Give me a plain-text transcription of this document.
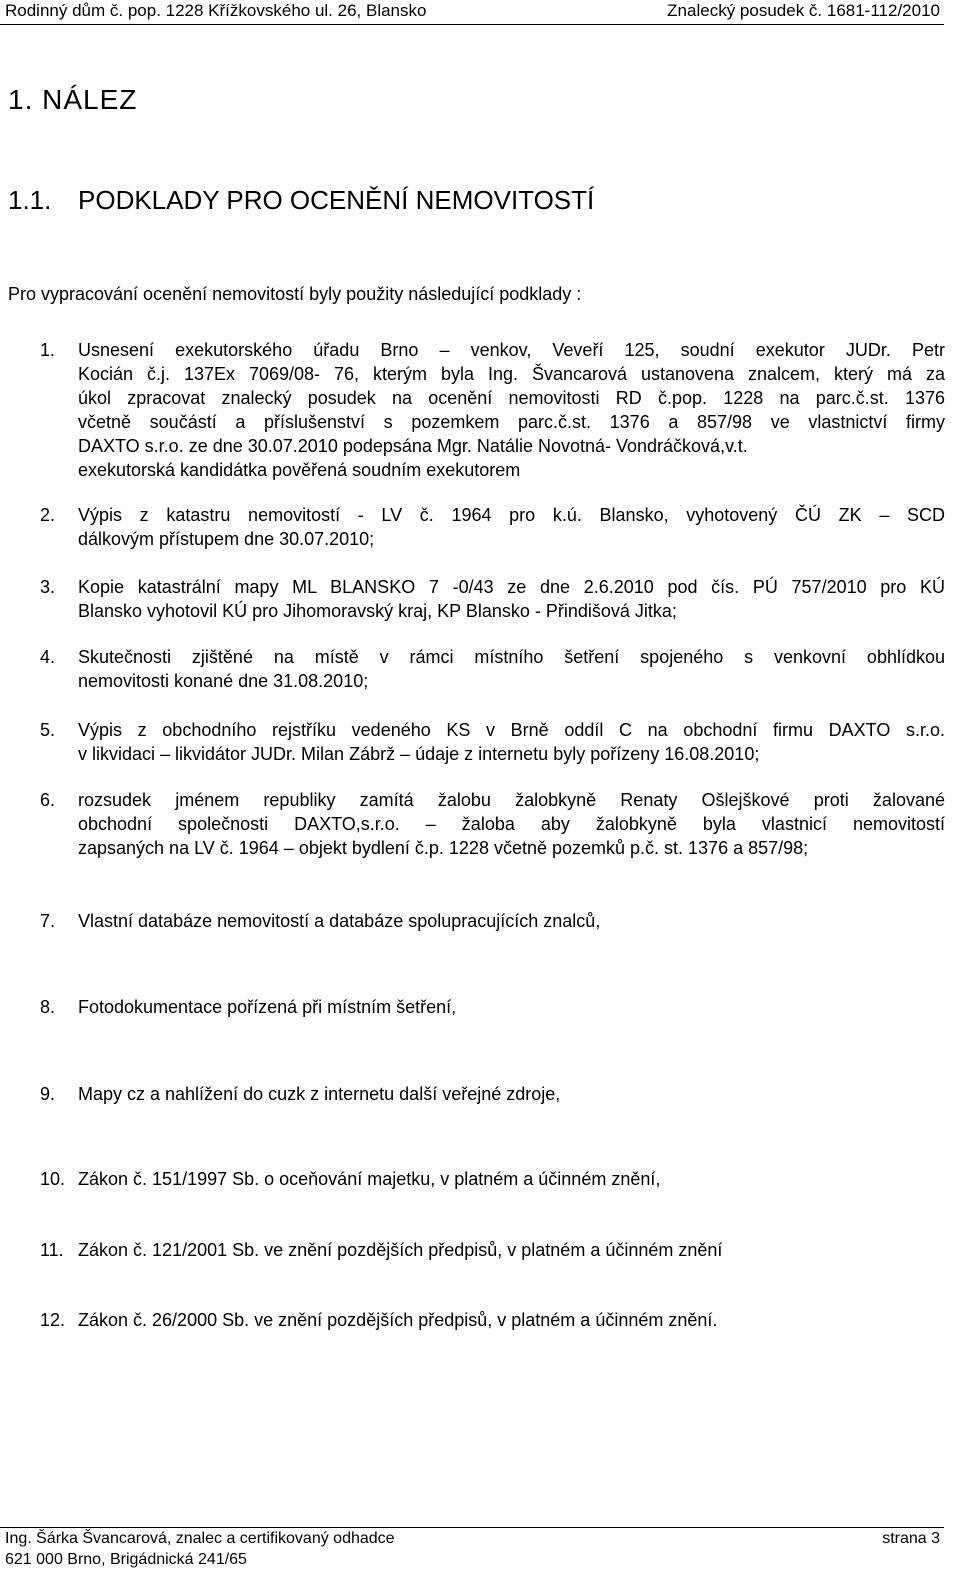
Rodinný dům č. pop. 1228 Křížkovského ul. 26, Blansko	Znalecký posudek č. 1681-112/2010
1. NÁLEZ
1.1. PODKLADY PRO OCENĚNÍ NEMOVITOSTÍ
Pro vypracování ocenění nemovitostí byly použity následující podklady :
1. Usnesení exekutorského úřadu Brno – venkov, Veveří 125, soudní exekutor JUDr. Petr
Kocián č.j. 137Ex 7069/08- 76, kterým byla Ing. Švancarová ustanovena znalcem, který má za
úkol zpracovat znalecký posudek na ocenění nemovitosti RD č.pop. 1228 na parc.č.st. 1376
včetně součástí a příslušenství s pozemkem parc.č.st. 1376 a 857/98 ve vlastnictví firmy
DAXTO s.r.o. ze dne 30.07.2010 podepsána Mgr. Natálie Novotná- Vondráčková,v.t.
exekutorská kandidátka pověřená soudním exekutorem
2. Výpis z katastru nemovitostí - LV č. 1964 pro k.ú. Blansko, vyhotovený ČÚ ZK – SCD
dálkovým přístupem dne 30.07.2010;
3. Kopie katastrální mapy ML BLANSKO 7 -0/43 ze dne 2.6.2010 pod čís. PÚ 757/2010 pro KÚ
Blansko vyhotovil KÚ pro Jihomoravský kraj, KP Blansko - Přindišová Jitka;
4. Skutečnosti zjištěné na místě v rámci místního šetření spojeného s venkovní obhlídkou
nemovitosti konané dne 31.08.2010;
5. Výpis z obchodního rejstříku vedeného KS v Brně oddíl C na obchodní firmu DAXTO s.r.o.
v likvidaci – likvidátor JUDr. Milan Zábrž – údaje z internetu byly pořízeny 16.08.2010;
6. rozsudek jménem republiky zamítá žalobu žalobkyně Renaty Ošlejškové proti žalované
obchodní společnosti DAXTO,s.r.o. – žaloba aby žalobkyně byla vlastnicí nemovitostí
zapsaných na LV č. 1964 – objekt bydlení č.p. 1228 včetně pozemků p.č. st. 1376 a 857/98;
7. Vlastní databáze nemovitostí a databáze spolupracujících znalců,
8. Fotodokumentace pořízená při místním šetření,
9. Mapy cz a nahlížení do cuzk z internetu další veřejné zdroje,
10. Zákon č. 151/1997 Sb. o oceňování majetku, v platném a účinném znění,
11. Zákon č. 121/2001 Sb. ve znění pozdějších předpisů, v platném a účinném znění
12. Zákon č. 26/2000 Sb. ve znění pozdějších předpisů, v platném a účinném znění.
Ing. Šárka Švancarová, znalec a certifikovaný odhadce
621 000 Brno, Brigádnická 241/65
strana 3
